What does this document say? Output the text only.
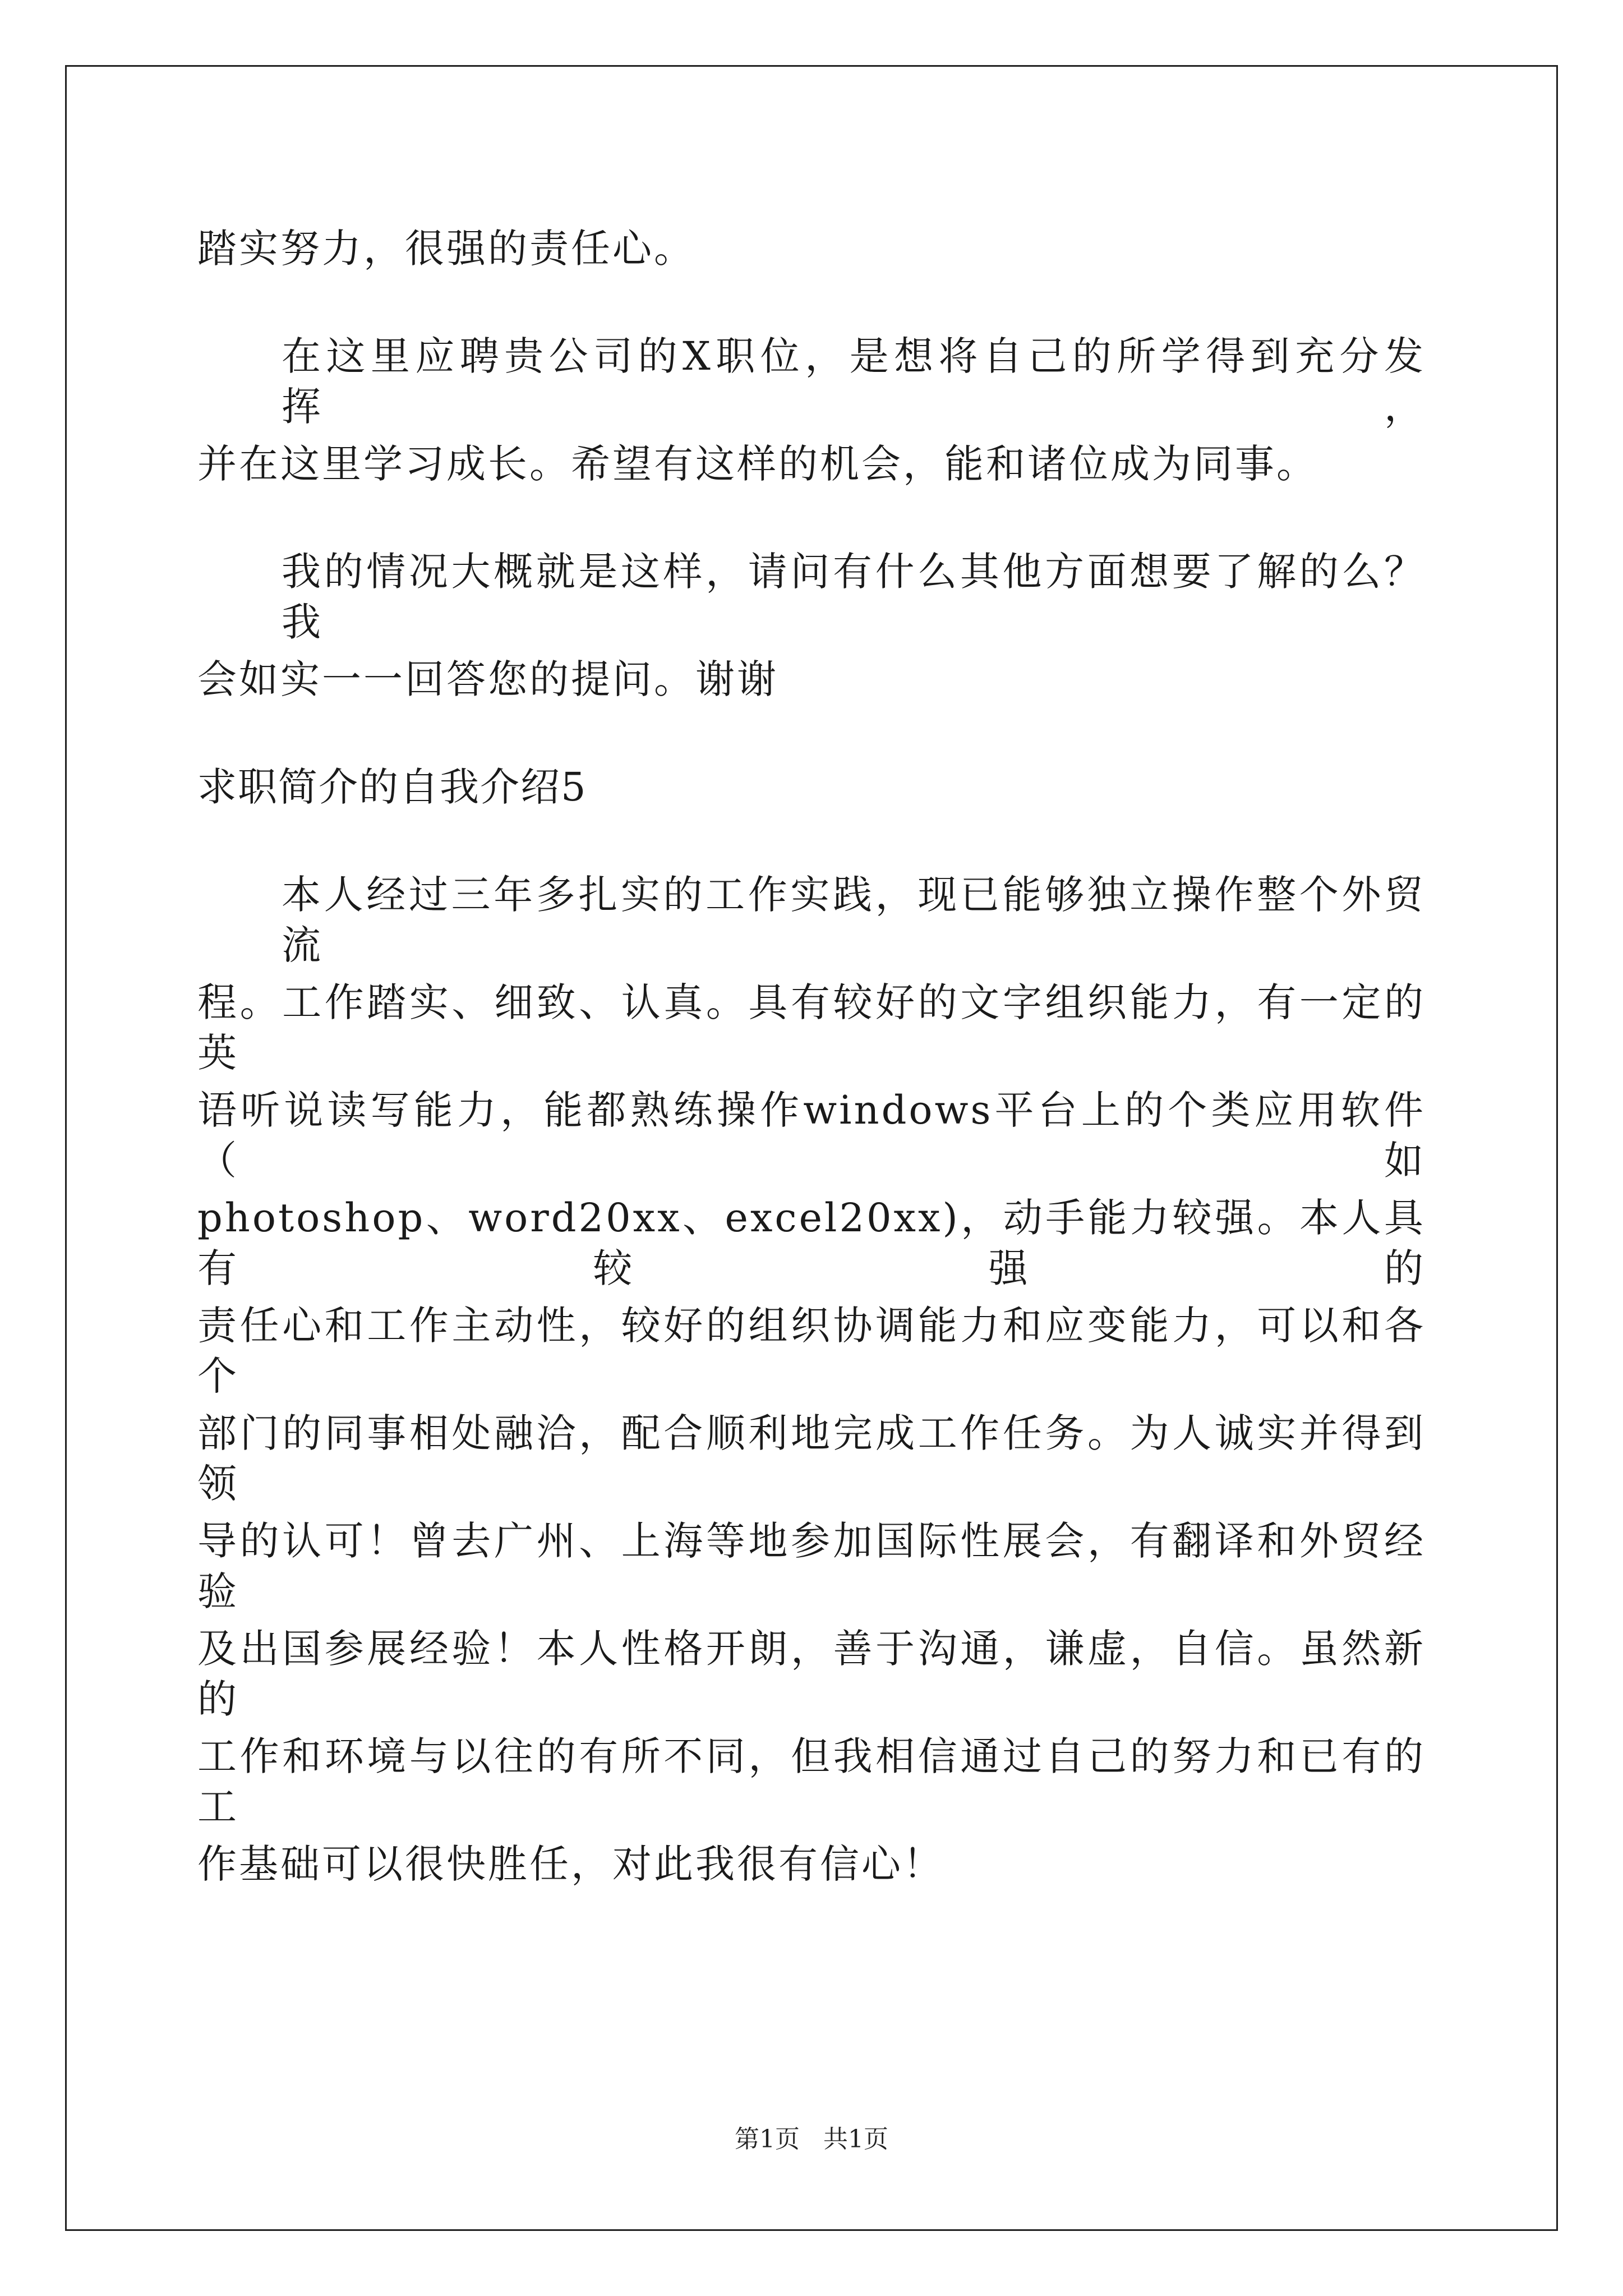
踏实努力，很强的责任心。
在这里应聘贵公司的X职位，是想将自己的所学得到充分发挥，
并在这里学习成长。希望有这样的机会，能和诸位成为同事。
我的情况大概就是这样，请问有什么其他方面想要了解的么？我
会如实一一回答您的提问。谢谢
求职简介的自我介绍5
本人经过三年多扎实的工作实践，现已能够独立操作整个外贸流
程。工作踏实、细致、认真。具有较好的文字组织能力，有一定的英
语听说读写能力，能都熟练操作windows平台上的个类应用软件（如
photoshop、word20xx、excel20xx)，动手能力较强。本人具有较强的
责任心和工作主动性，较好的组织协调能力和应变能力，可以和各个
部门的同事相处融洽，配合顺利地完成工作任务。为人诚实并得到领
导的认可！曾去广州、上海等地参加国际性展会，有翻译和外贸经验
及出国参展经验！本人性格开朗，善于沟通，谦虚，自信。虽然新的
工作和环境与以往的有所不同，但我相信通过自己的努力和已有的工
作基础可以很快胜任，对此我很有信心！
第1页 共1页
